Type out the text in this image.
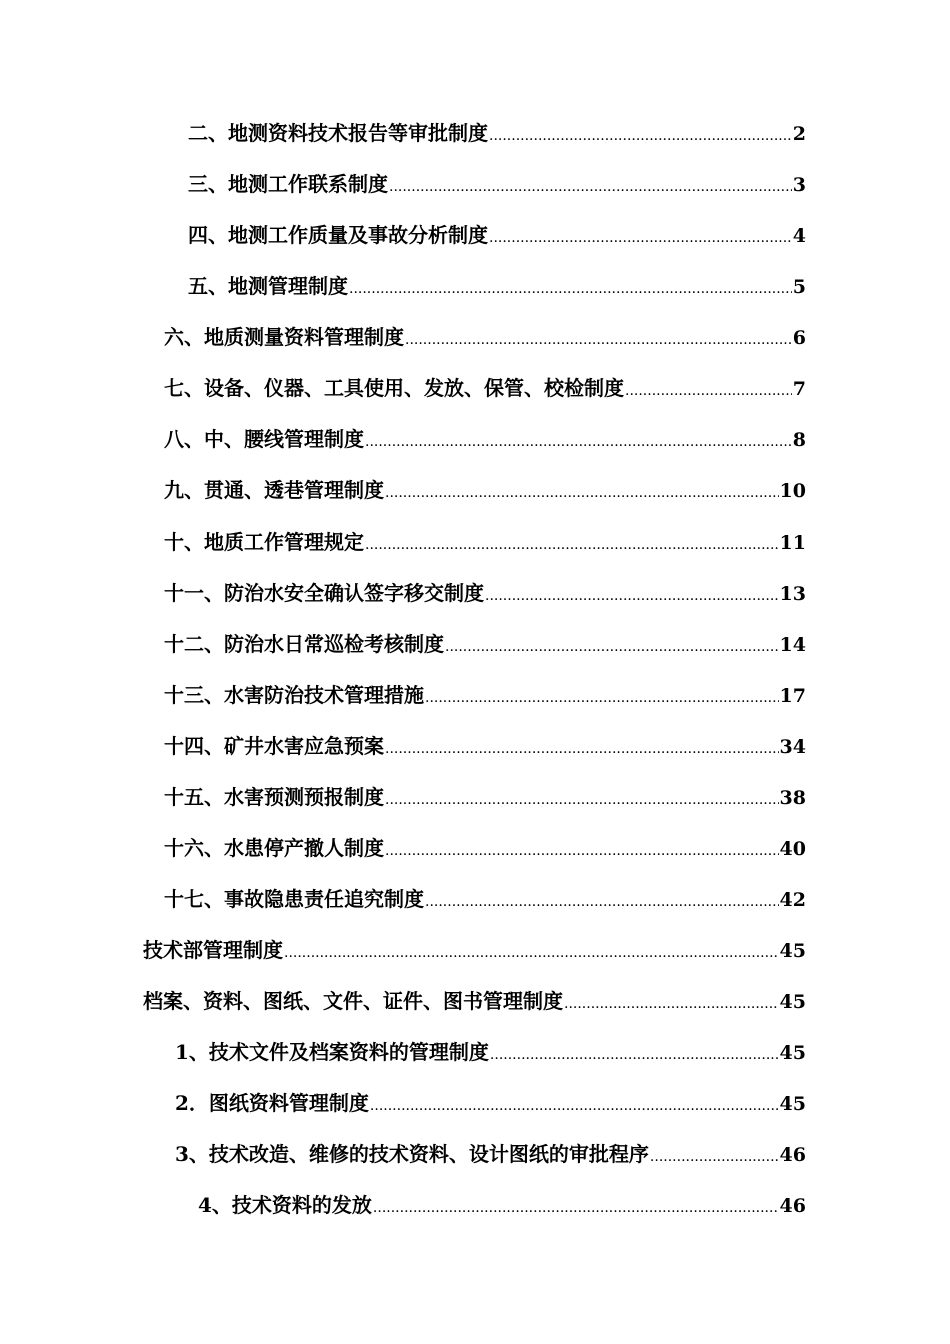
二、地测资料技术报告等审批制度 .....	2
三、地测工作联系制度 .....	3
四、地测工作质量及事故分析制度 .....	4
五、地测管理制度 .....	5
六、地质测量资料管理制度 .....	6
七、设备、仪器、工具使用、发放、保管、校检制度 .....	7
八、中、腰线管理制度 .....	8
九、贯通、透巷管理制度 .....	10
十、地质工作管理规定 .....	11
十一、防治水安全确认签字移交制度 .....	13
十二、防治水日常巡检考核制度 .....	14
十三、水害防治技术管理措施 .....	17
十四、矿井水害应急预案 .....	34
十五、水害预测预报制度 .....	38
十六、水患停产撤人制度 .....	40
十七、事故隐患责任追究制度 .....	42
技术部管理制度 .....	45
档案、资料、图纸、文件、证件、图书管理制度 .....	45
1、技术文件及档案资料的管理制度 .....	45
2．图纸资料管理制度 .....	45
3、技术改造、维修的技术资料、设计图纸的审批程序 .....	46
4、技术资料的发放 .....	46
